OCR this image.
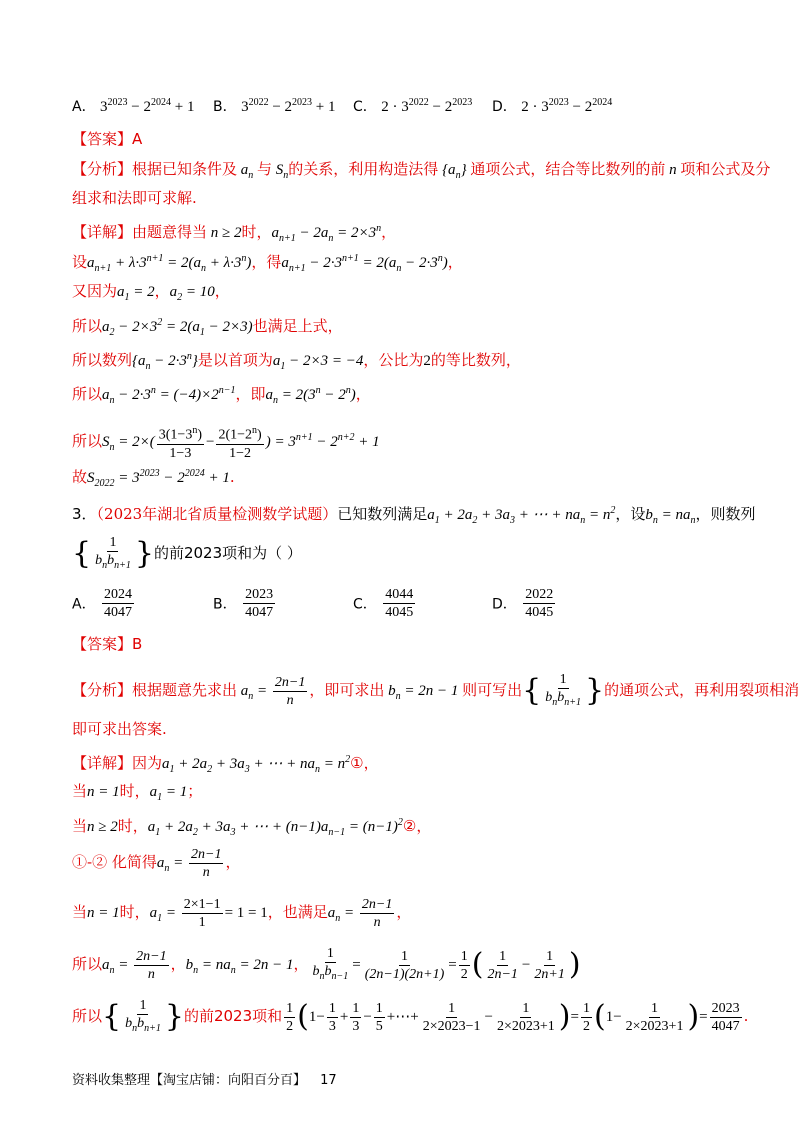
A． $3^{2023} - 2^{2024} + 1$ B． $3^{2022} - 2^{2023} + 1$ C． $2 \cdot 3^{2022} - 2^{2023}$ D． $2 \cdot 3^{2023} - 2^{2024}$
【答案】A
【分析】根据已知条件及 $a_n$ 与 $S_n$的关系，利用构造法得 $\{a_n\}$ 通项公式，结合等比数列的前 n 项和公式及分
组求和法即可求解.
【详解】由题意得当 n ≥ 2时，$a_{n+1} - 2a_n = 2\times 3^n$，
设$a_{n+1} + \lambda\cdot 3^{n+1} = 2(a_n + \lambda\cdot 3^n)$，得$a_{n+1} - 2\cdot 3^{n+1} = 2(a_n - 2\cdot 3^n)$，
又因为$a_1 = 2$，$a_2 = 10$，
所以$a_2 - 2\times 3^2 = 2(a_1 - 2\times 3)$也满足上式，
所以数列$\{a_n - 2\cdot 3^n\}$是以首项为$a_1 - 2\times 3 = -4$，公比为2的等比数列，
所以$a_n - 2\cdot 3^n = (-4)\times 2^{n-1}$，即$a_n = 2(3^n - 2^n)$，
所以$S_n = 2\times( \frac{3(1-3^n)}{1-3} - \frac{2(1-2^n)}{1-2}$ ) = $3^{n+1} - 2^{n+2} + 1$
故$S_{2022} = 3^{2023} - 2^{2024} + 1$.
3．（2023年湖北省质量检测数学试题）已知数列满足$a_1 + 2a_2 + 3a_3$ + ⋯ + $na_n = n^2$，设$b_n = na_n$，则数列
{ $\frac{1}{b_nb_{n+1}}$ }的前2023项和为（ ）
A． $\frac{2024}{4047}$	B． $\frac{2023}{4047}$	C． $\frac{4044}{4045}$	D． $\frac{2022}{4045}$
【答案】B
【分析】根据题意先求出 $a_n = \frac{2n-1}{n}$ ，即可求出 $b_n = 2n - 1$ 则可写出{ $\frac{1}{b_nb_{n+1}}$ }的通项公式，再利用裂项相消
即可求出答案.
【详解】因为$a_1 + 2a_2 + 3a_3$ + ⋯ + $na_n$ = $n^2①$，
当n = 1时，$a_1 = 1$；
当n ≥ 2时，$a_1 + 2a_2 + 3a_3$ + ⋯ + $(n-1)a_{n-1}$ = $(n-1)^2②$，
①-② 化简得$a_n = \frac{2n-1}{n}$ ，
当n = 1时，$a_1 = \frac{2\times 1-1}{1} = 1 = 1$，也满足$a_n = \frac{2n-1}{n}$ ，
所以$a_n = \frac{2n-1}{n}$ ，$b_n = na_n = 2n - 1$， $\frac{1}{b_nb_{n-1}} = \frac{1}{(2n-1)(2n+1)} = \frac{1}{2}$ ( $\frac{1}{2n-1} - \frac{1}{2n+1}$ )
所以{ $\frac{1}{b_nb_{n+1}}$ }的前2023项和 $\frac{1}{2} (1- \frac{1}{3} + \frac{1}{3} - \frac{1}{5}$ +⋯+ $\frac{1}{2\times 2023-1} - \frac{1}{2\times 2023+1}$ )= $\frac{1}{2} (1- \frac{1}{2\times 2023+1}$ )= $\frac{2023}{4047}$ .
资料收集整理【淘宝店铺：向阳百分百】 17
